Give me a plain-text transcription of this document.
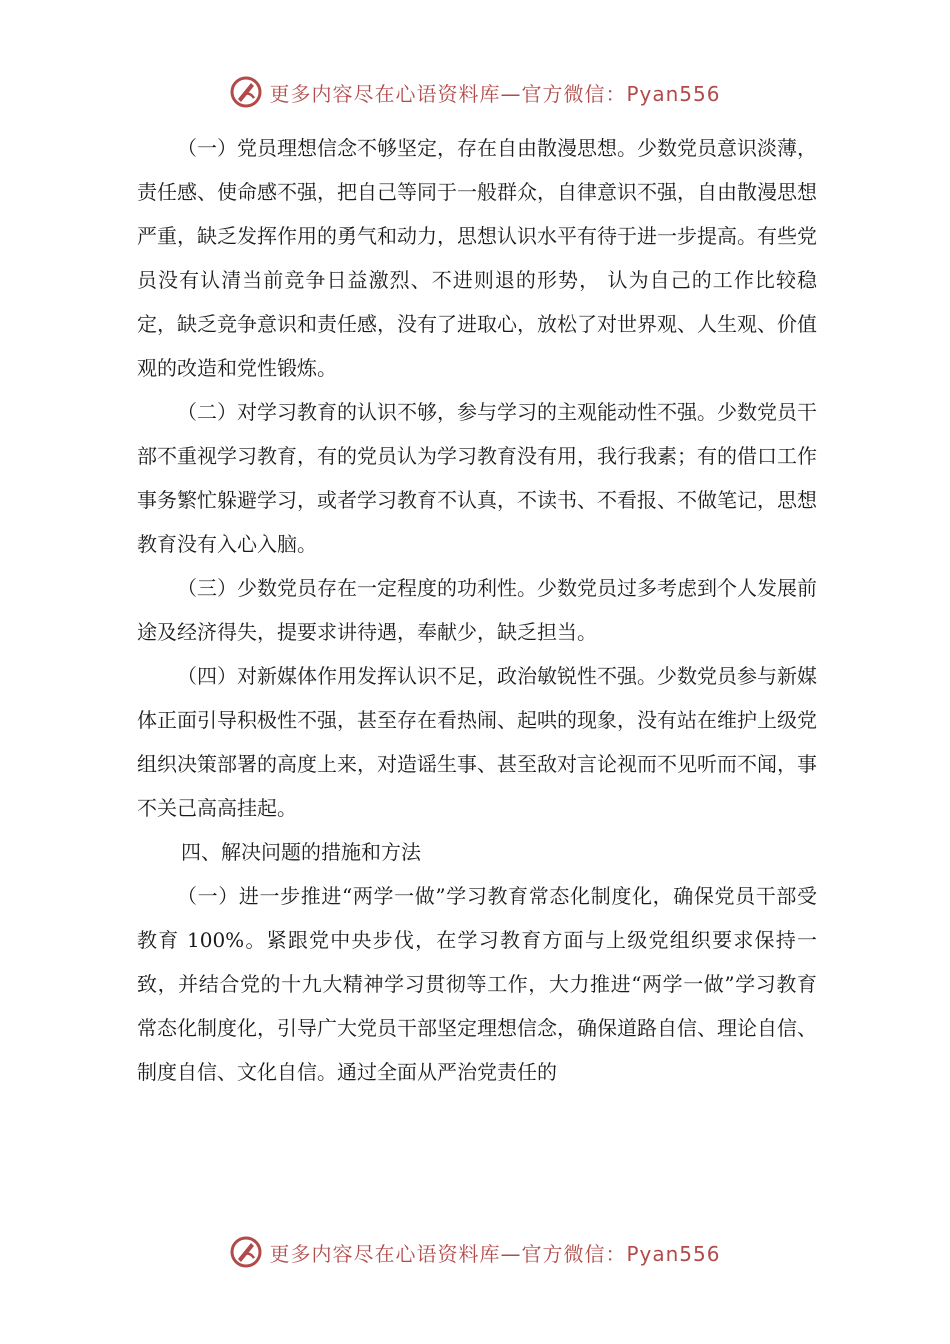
更多内容尽在心语资料库—官方微信：Pyan556

（一）党员理想信念不够坚定，存在自由散漫思想。少数党员意识淡薄，责任感、使命感不强，把自己等同于一般群众，自律意识不强，自由散漫思想严重，缺乏发挥作用的勇气和动力，思想认识水平有待于进一步提高。有些党员没有认清当前竞争日益激烈、不进则退的形势， 认为自己的工作比较稳定，缺乏竞争意识和责任感，没有了进取心，放松了对世界观、人生观、价值观的改造和党性锻炼。

（二）对学习教育的认识不够，参与学习的主观能动性不强。少数党员干部不重视学习教育，有的党员认为学习教育没有用，我行我素；有的借口工作事务繁忙躲避学习，或者学习教育不认真，不读书、不看报、不做笔记，思想教育没有入心入脑。

（三）少数党员存在一定程度的功利性。少数党员过多考虑到个人发展前途及经济得失，提要求讲待遇，奉献少，缺乏担当。

（四）对新媒体作用发挥认识不足，政治敏锐性不强。少数党员参与新媒体正面引导积极性不强，甚至存在看热闹、起哄的现象，没有站在维护上级党组织决策部署的高度上来，对造谣生事、甚至敌对言论视而不见听而不闻，事不关己高高挂起。

四、解决问题的措施和方法

（一）进一步推进“两学一做”学习教育常态化制度化，确保党员干部受教育 100%。紧跟党中央步伐，在学习教育方面与上级党组织要求保持一致，并结合党的十九大精神学习贯彻等工作，大力推进“两学一做”学习教育常态化制度化，引导广大党员干部坚定理想信念，确保道路自信、理论自信、制度自信、文化自信。通过全面从严治党责任的

更多内容尽在心语资料库—官方微信：Pyan556
